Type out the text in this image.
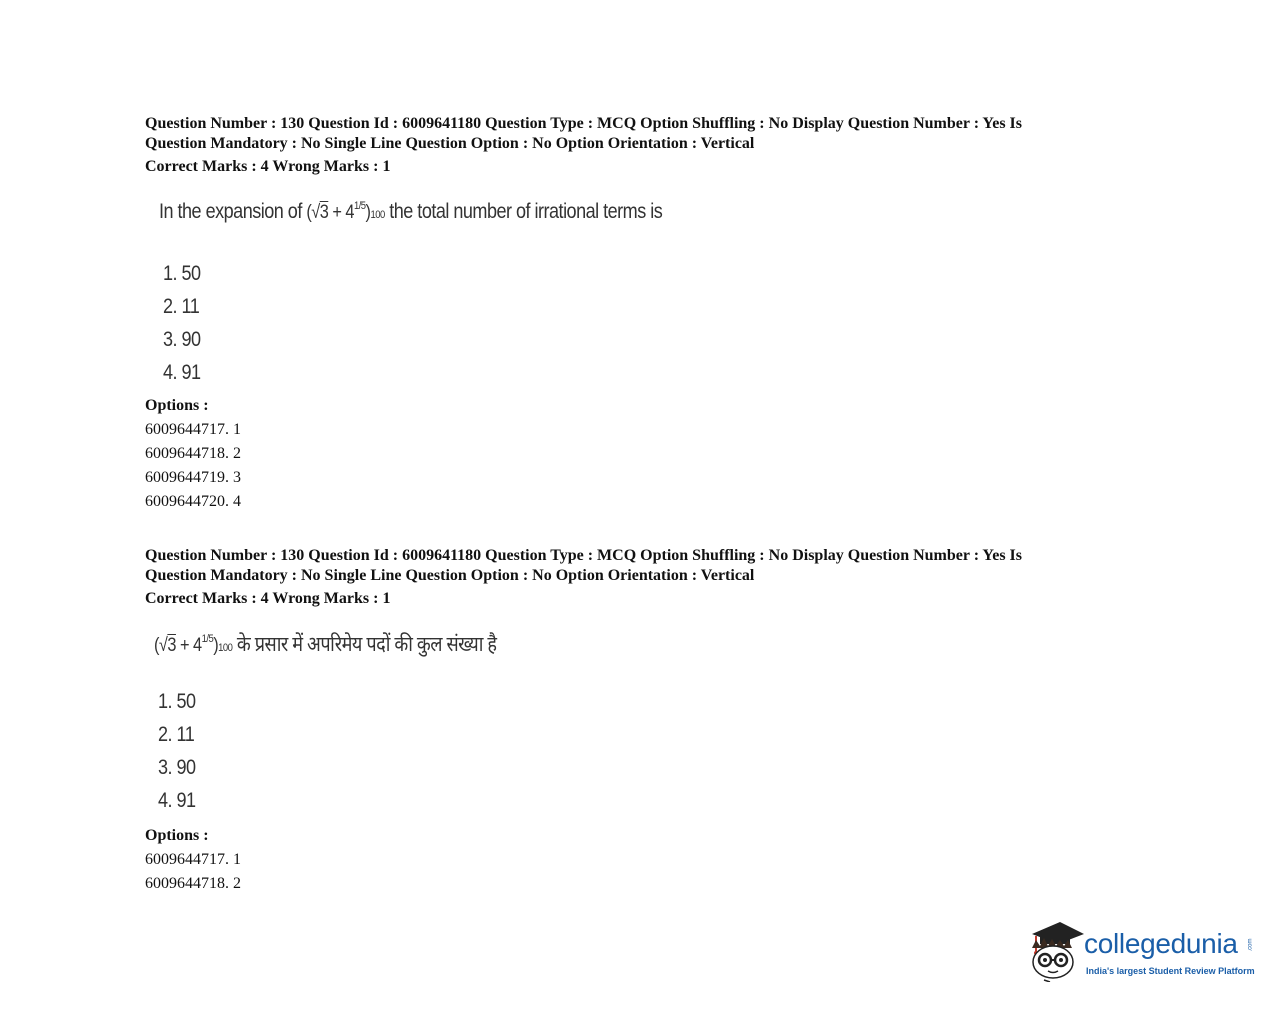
Question Number : 130 Question Id : 6009641180 Question Type : MCQ Option Shuffling : No Display Question Number : Yes Is

Question Mandatory : No Single Line Question Option : No Option Orientation : Vertical

Correct Marks : 4 Wrong Marks : 1
In the expansion of $(√3 + 4^{1/5})100$ the total number of irrational terms is
1. 50
2. 11
3. 90
4. 91
Options :
6009644717. 1
6009644718. 2
6009644719. 3
6009644720. 4

Question Number : 130 Question Id : 6009641180 Question Type : MCQ Option Shuffling : No Display Question Number : Yes Is

Question Mandatory : No Single Line Question Option : No Option Orientation : Vertical

Correct Marks : 4 Wrong Marks : 1
$(√3 + 4^{1/5})100$ के प्रसार में अपरिमेय पदों की कुल संख्या है
1. 50
2. 11
3. 90
4. 91
Options :
6009644717. 1
6009644718. 2
collegedunia .com
India's largest Student Review Platform
